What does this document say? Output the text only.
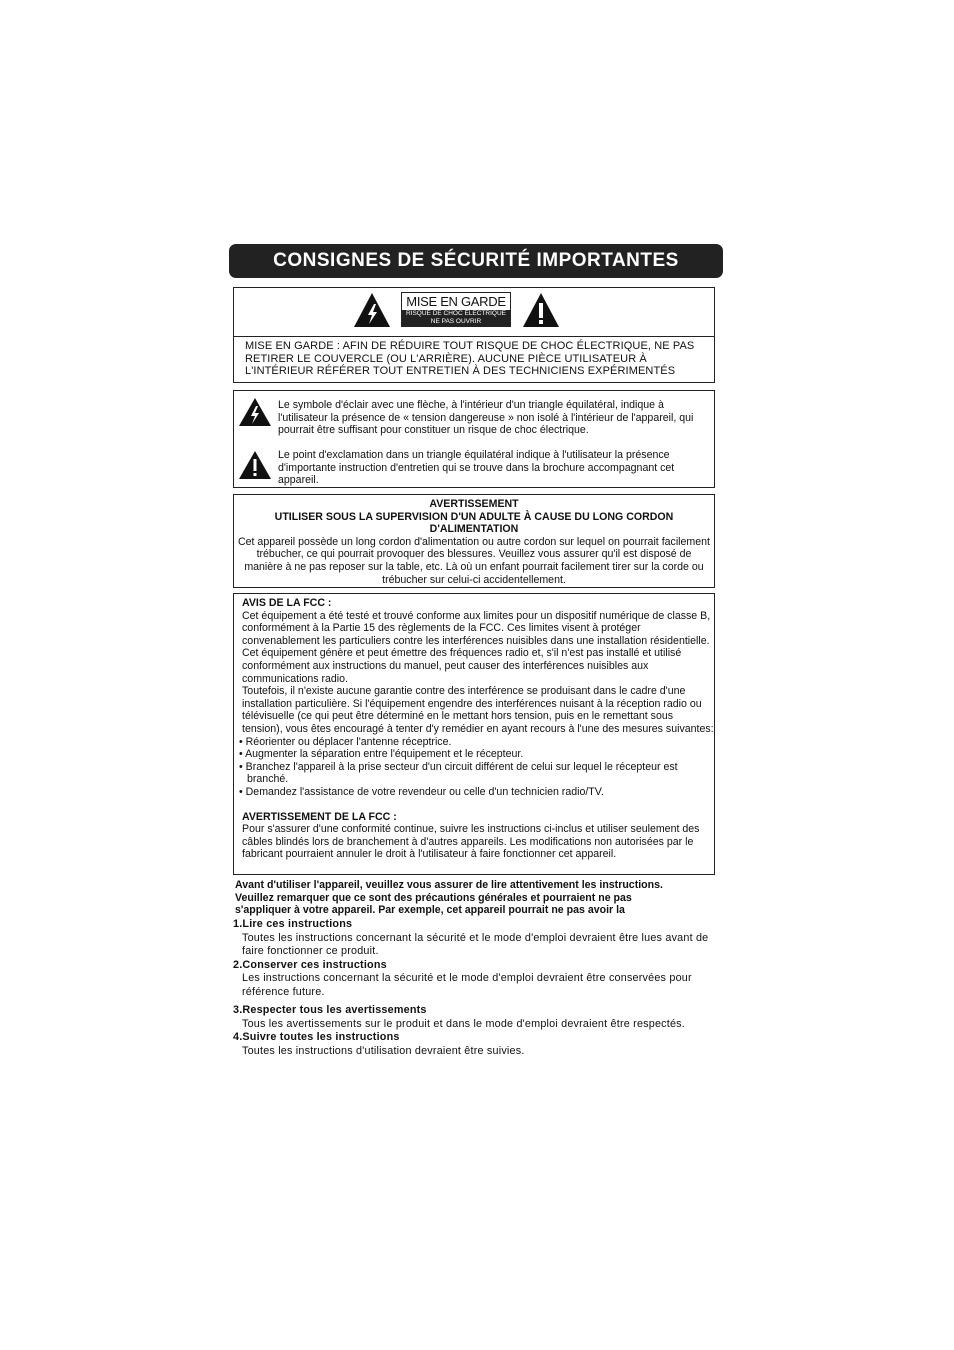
CONSIGNES DE SÉCURITÉ IMPORTANTES
MISE EN GARDE
RISQUE DE CHOC ÉLECTRIQUE
NE PAS OUVRIR
MISE EN GARDE : AFIN DE RÉDUIRE TOUT RISQUE DE CHOC ÉLECTRIQUE, NE PAS RETIRER LE COUVERCLE (OU L'ARRIÈRE). AUCUNE PIÈCE UTILISATEUR À L'INTÉRIEUR RÉFÉRER TOUT ENTRETIEN À DES TECHNICIENS EXPÉRIMENTÉS
Le symbole d'éclair avec une flèche, à l'intérieur d'un triangle équilatéral, indique à l'utilisateur la présence de « tension dangereuse » non isolé à l'intérieur de l'appareil, qui pourrait être suffisant pour constituer un risque de choc électrique.
Le point d'exclamation dans un triangle équilatéral indique à l'utilisateur la présence d'importante instruction d'entretien qui se trouve dans la brochure accompagnant cet appareil.
AVERTISSEMENT
UTILISER SOUS LA SUPERVISION D'UN ADULTE À CAUSE DU LONG CORDON D'ALIMENTATION
Cet appareil possède un long cordon d'alimentation ou autre cordon sur lequel on pourrait facilement trébucher, ce qui pourrait provoquer des blessures. Veuillez vous assurer qu'il est disposé de manière à ne pas reposer sur la table, etc. Là où un enfant pourrait facilement tirer sur la corde ou trébucher sur celui-ci accidentellement.
AVIS DE LA FCC :
Cet équipement a été testé et trouvé conforme aux limites pour un dispositif numérique de classe B, conformément à la Partie 15 des règlements de la FCC. Ces limites visent à protéger convenablement les particuliers contre les interférences nuisibles dans une installation résidentielle. Cet équipement génère et peut émettre des fréquences radio et, s'il n'est pas installé et utilisé conformément aux instructions du manuel, peut causer des interférences nuisibles aux communications radio.
Toutefois, il n'existe aucune garantie contre des interférence se produisant dans le cadre d'une installation particulière. Si l'équipement engendre des interférences nuisant à la réception radio ou télévisuelle (ce qui peut être déterminé en le mettant hors tension, puis en le remettant sous tension), vous êtes encouragé à tenter d'y remédier en ayant recours à l'une des mesures suivantes:
• Réorienter ou déplacer l'antenne réceptrice.
• Augmenter la séparation entre l'équipement et le récepteur.
• Branchez l'appareil à la prise secteur d'un circuit différent de celui sur lequel le récepteur est branché.
• Demandez l'assistance de votre revendeur ou celle d'un technicien radio/TV.
AVERTISSEMENT DE LA FCC :
Pour s'assurer d'une conformité continue, suivre les instructions ci-inclus et utiliser seulement des câbles blindés lors de branchement à d'autres appareils. Les modifications non autorisées par le fabricant pourraient annuler le droit à l'utilisateur à faire fonctionner cet appareil.
Avant d'utiliser l'appareil, veuillez vous assurer de lire attentivement les instructions.
Veuillez remarquer que ce sont des précautions générales et pourraient ne pas
s'appliquer à votre appareil. Par exemple, cet appareil pourrait ne pas avoir la
1.Lire ces instructions
Toutes les instructions concernant la sécurité et le mode d'emploi devraient être lues avant de faire fonctionner ce produit.
2.Conserver ces instructions
Les instructions concernant la sécurité et le mode d'emploi devraient être conservées pour référence future.
3.Respecter tous les avertissements
Tous les avertissements sur le produit et dans le mode d'emploi devraient être respectés.
4.Suivre toutes les instructions
Toutes les instructions d'utilisation devraient être suivies.
